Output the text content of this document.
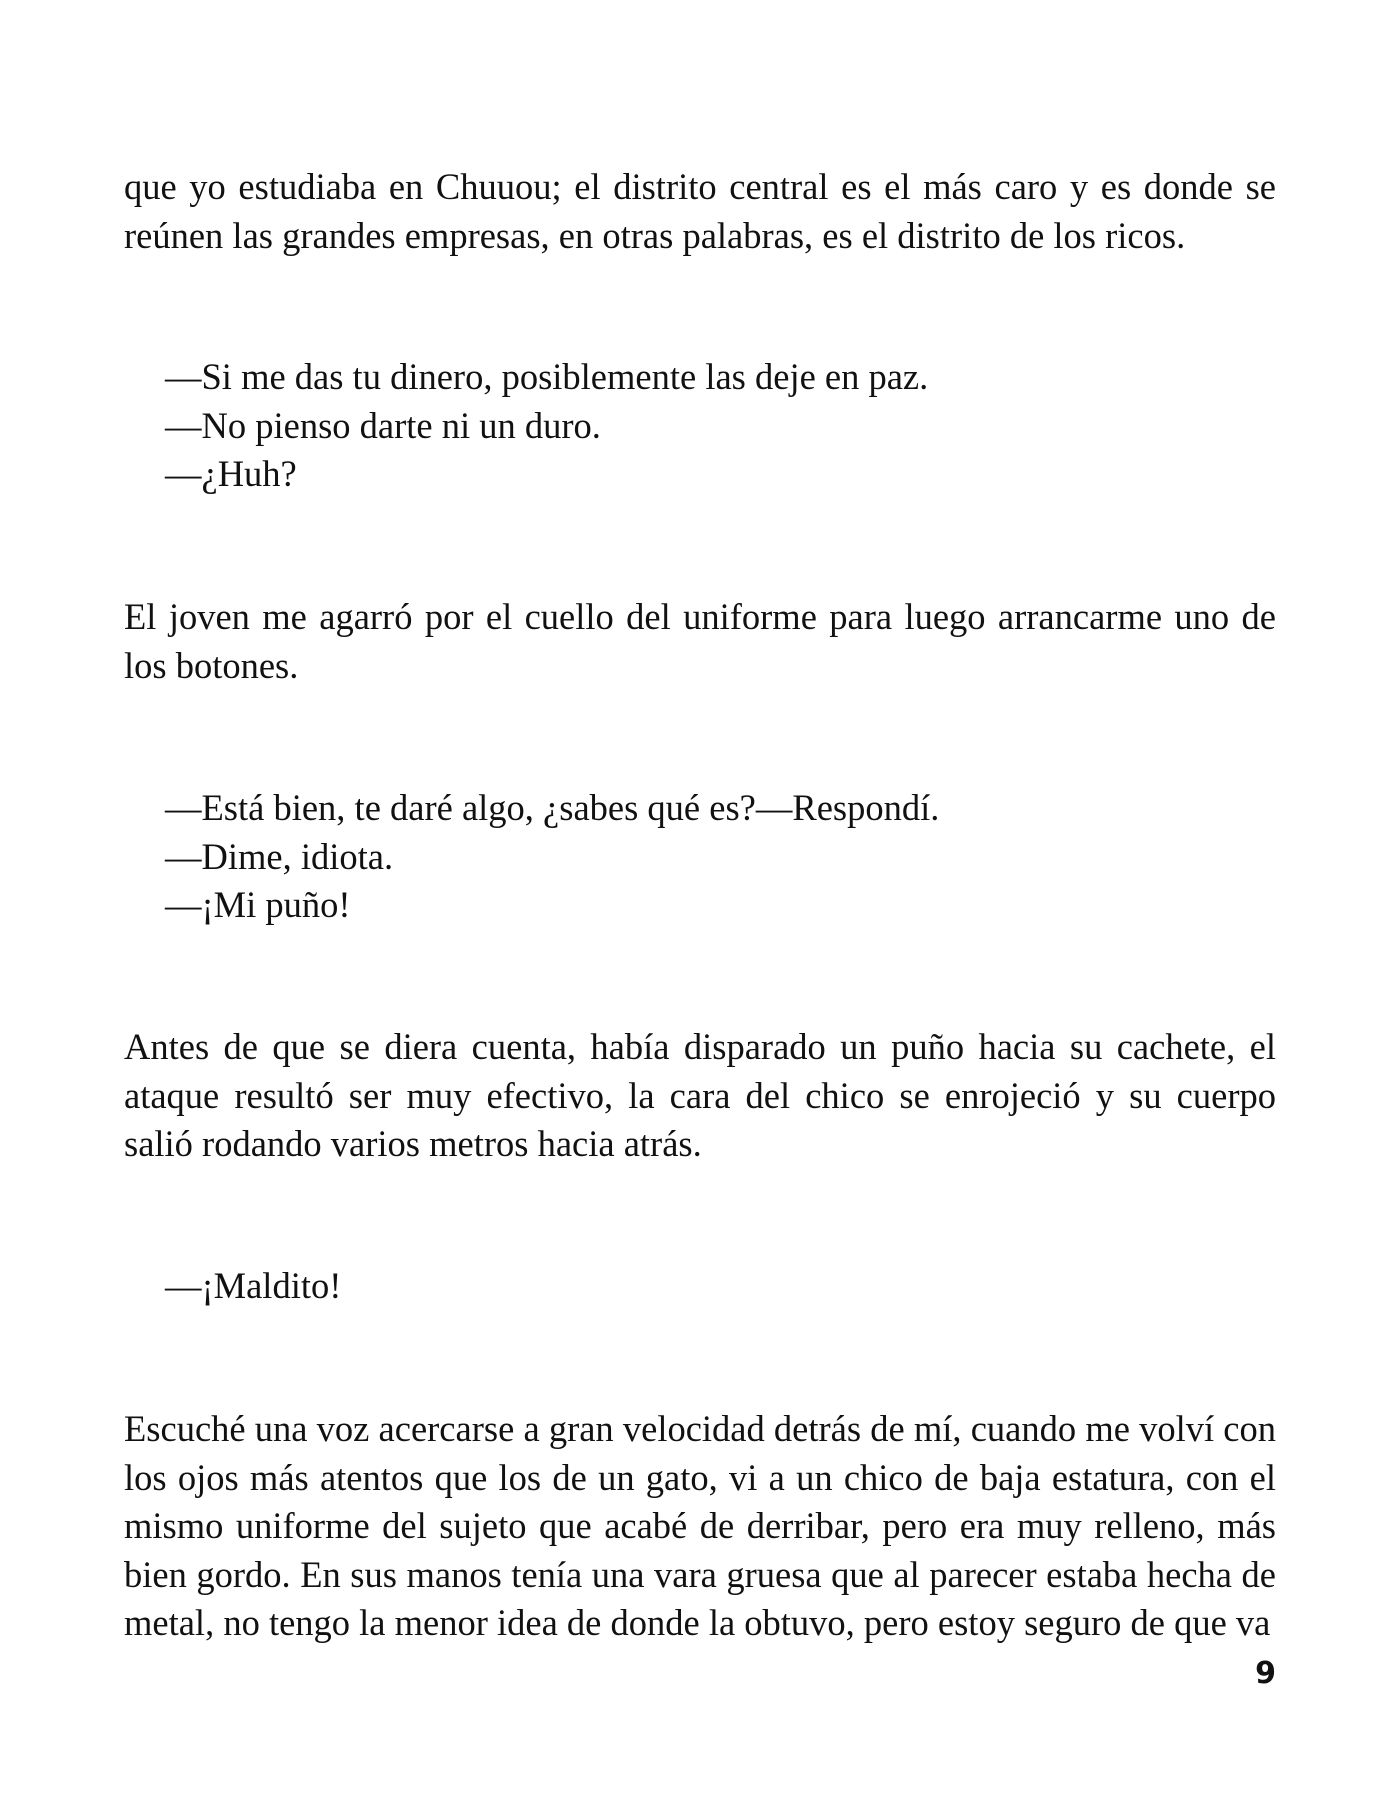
que yo estudiaba en Chuuou; el distrito central es el más caro y es donde se reúnen las grandes empresas, en otras palabras, es el distrito de los ricos.

—Si me das tu dinero, posiblemente las deje en paz.

—No pienso darte ni un duro.

—¿Huh?

El joven me agarró por el cuello del uniforme para luego arrancarme uno de los botones.

—Está bien, te daré algo, ¿sabes qué es?—Respondí.

—Dime, idiota.

—¡Mi puño!

Antes de que se diera cuenta, había disparado un puño hacia su cachete, el ataque resultó ser muy efectivo, la cara del chico se enrojeció y su cuerpo salió rodando varios metros hacia atrás.

—¡Maldito!

Escuché una voz acercarse a gran velocidad detrás de mí, cuando me volví con los ojos más atentos que los de un gato, vi a un chico de baja estatura, con el mismo uniforme del sujeto que acabé de derribar, pero era muy relleno, más bien gordo. En sus manos tenía una vara gruesa que al parecer estaba hecha de metal, no tengo la menor idea de donde la obtuvo, pero estoy seguro de que va

9
